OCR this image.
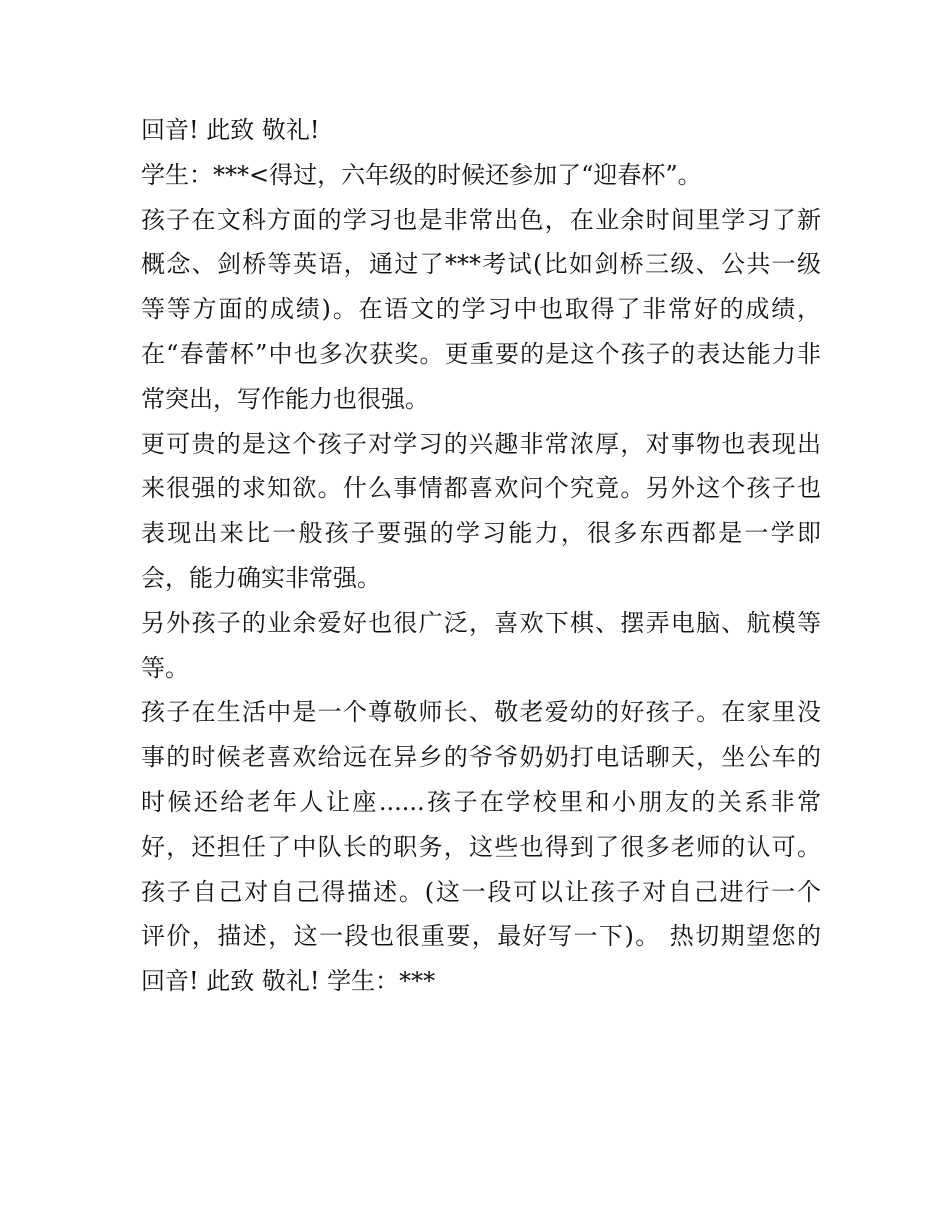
回音! 此致 敬礼!
学生：***<得过，六年级的时候还参加了“迎春杯”。
孩子在文科方面的学习也是非常出色，在业余时间里学习了新
概念、剑桥等英语，通过了***考试(比如剑桥三级、公共一级
等等方面的成绩)。在语文的学习中也取得了非常好的成绩，
在“春蕾杯”中也多次获奖。更重要的是这个孩子的表达能力非
常突出，写作能力也很强。
更可贵的是这个孩子对学习的兴趣非常浓厚，对事物也表现出
来很强的求知欲。什么事情都喜欢问个究竟。另外这个孩子也
表现出来比一般孩子要强的学习能力，很多东西都是一学即
会，能力确实非常强。
另外孩子的业余爱好也很广泛，喜欢下棋、摆弄电脑、航模等
等。
孩子在生活中是一个尊敬师长、敬老爱幼的好孩子。在家里没
事的时候老喜欢给远在异乡的爷爷奶奶打电话聊天，坐公车的
时候还给老年人让座......孩子在学校里和小朋友的关系非常
好，还担任了中队长的职务，这些也得到了很多老师的认可。
孩子自己对自己得描述。(这一段可以让孩子对自己进行一个
评价，描述，这一段也很重要，最好写一下)。 热切期望您的
回音! 此致 敬礼! 学生：***
